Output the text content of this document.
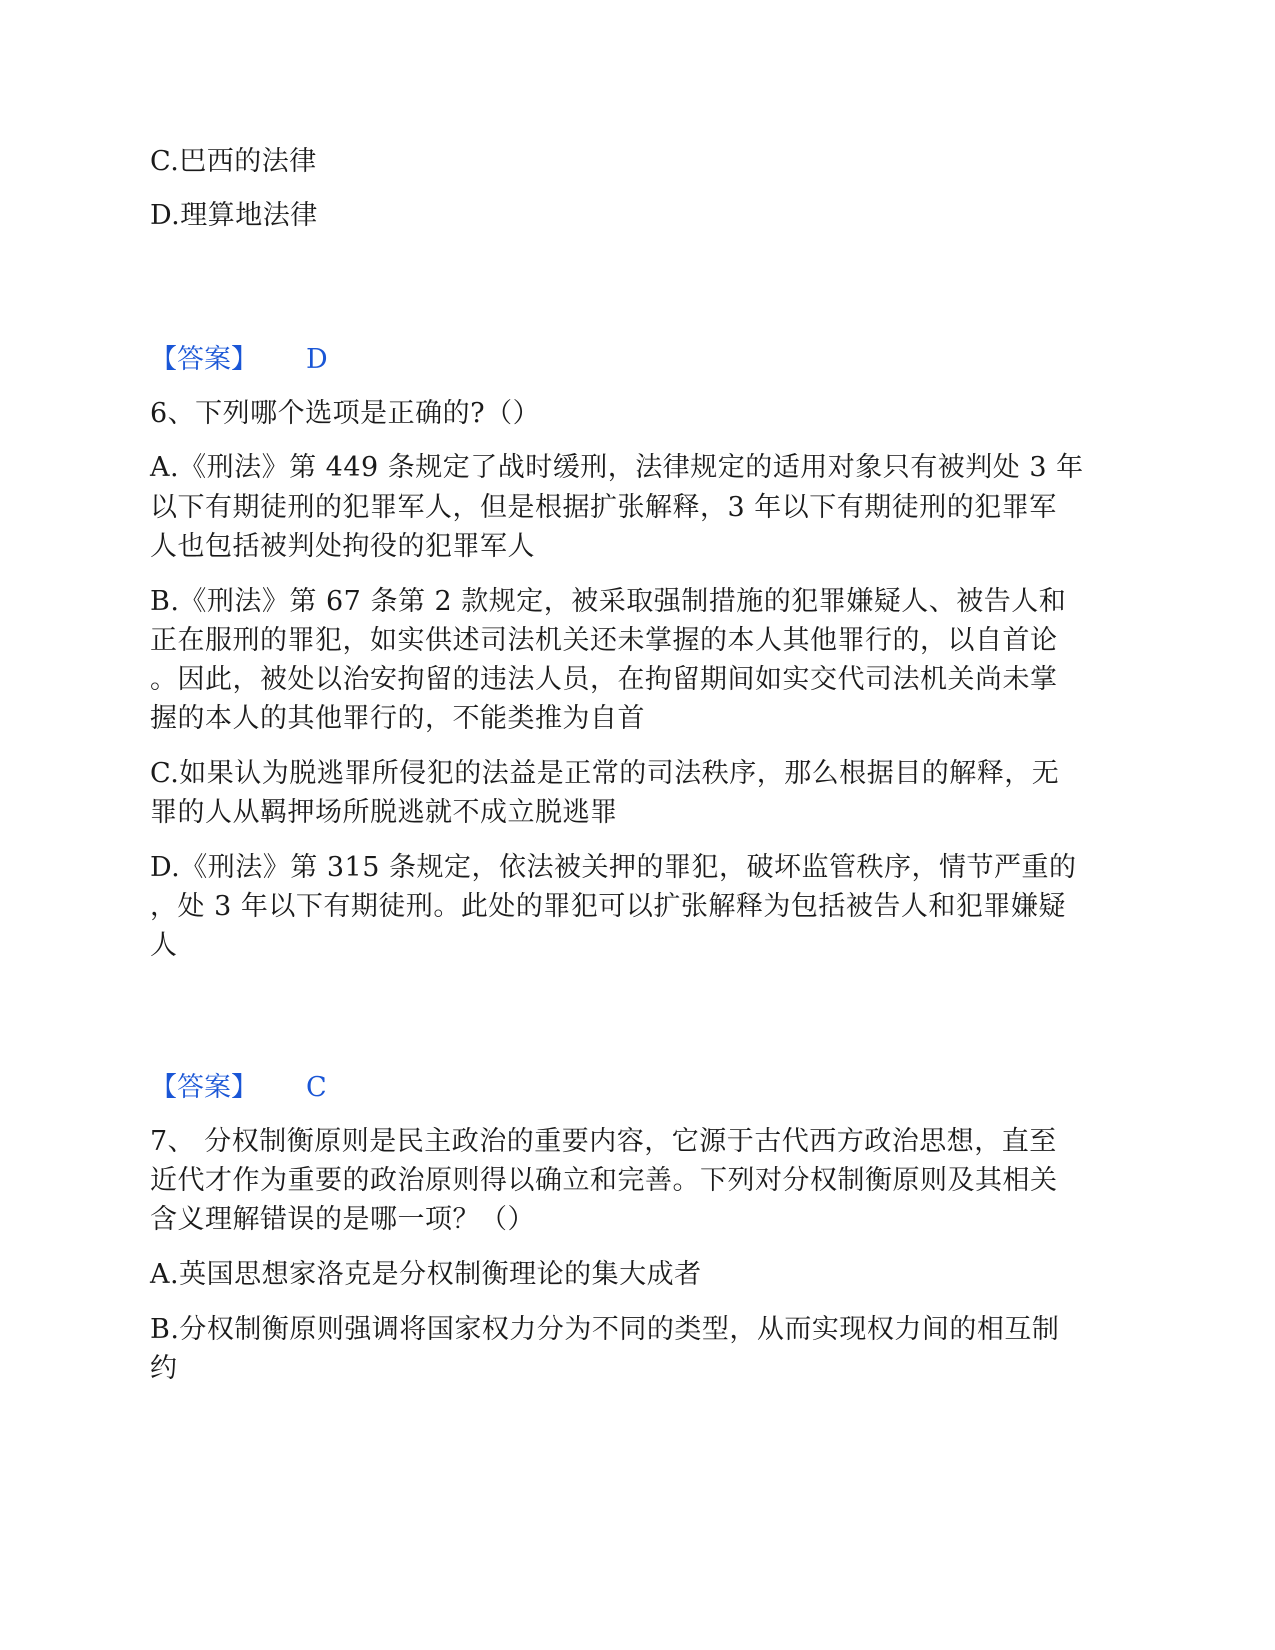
C.巴西的法律
D.理算地法律
【答案】 D
6、下列哪个选项是正确的?（）
A.《刑法》第 449 条规定了战时缓刑，法律规定的适用对象只有被判处 3 年
以下有期徒刑的犯罪军人，但是根据扩张解释，3 年以下有期徒刑的犯罪军
人也包括被判处拘役的犯罪军人
B.《刑法》第 67 条第 2 款规定，被采取强制措施的犯罪嫌疑人、被告人和
正在服刑的罪犯，如实供述司法机关还未掌握的本人其他罪行的，以自首论
。因此，被处以治安拘留的违法人员，在拘留期间如实交代司法机关尚未掌
握的本人的其他罪行的，不能类推为自首
C.如果认为脱逃罪所侵犯的法益是正常的司法秩序，那么根据目的解释，无
罪的人从羁押场所脱逃就不成立脱逃罪
D.《刑法》第 315 条规定，依法被关押的罪犯，破坏监管秩序，情节严重的
，处 3 年以下有期徒刑。此处的罪犯可以扩张解释为包括被告人和犯罪嫌疑
人
【答案】 C
7、 分权制衡原则是民主政治的重要内容，它源于古代西方政治思想，直至
近代才作为重要的政治原则得以确立和完善。下列对分权制衡原则及其相关
含义理解错误的是哪一项？（）
A.英国思想家洛克是分权制衡理论的集大成者
B.分权制衡原则强调将国家权力分为不同的类型，从而实现权力间的相互制
约
